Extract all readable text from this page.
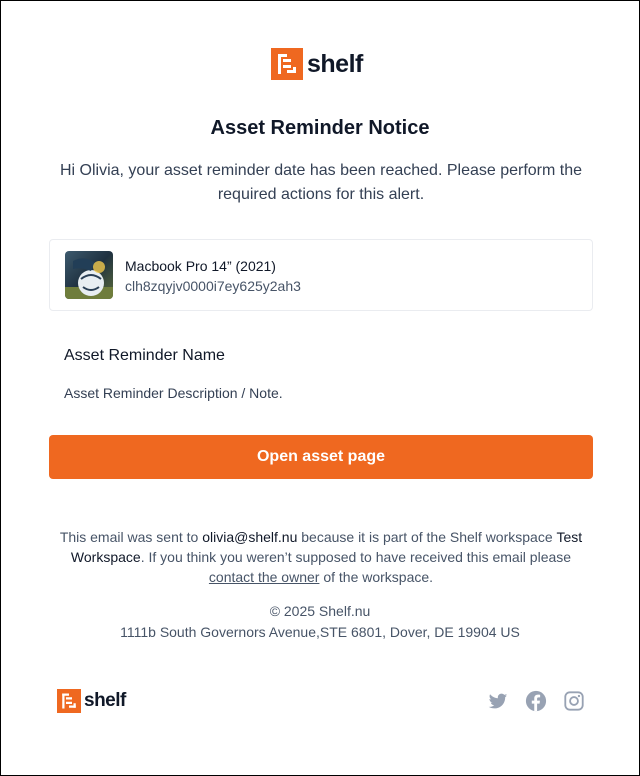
shelf
Asset Reminder Notice
Hi Olivia, your asset reminder date has been reached. Please perform the required actions for this alert.
Macbook Pro 14” (2021)
clh8zqyjv0000i7ey625y2ah3
Asset Reminder Name
Asset Reminder Description / Note.
Open asset page
This email was sent to olivia@shelf.nu because it is part of the Shelf workspace Test Workspace. If you think you weren’t supposed to have received this email please contact the owner of the workspace.
© 2025 Shelf.nu
1111b South Governors Avenue,STE 6801, Dover, DE 19904 US
shelf
